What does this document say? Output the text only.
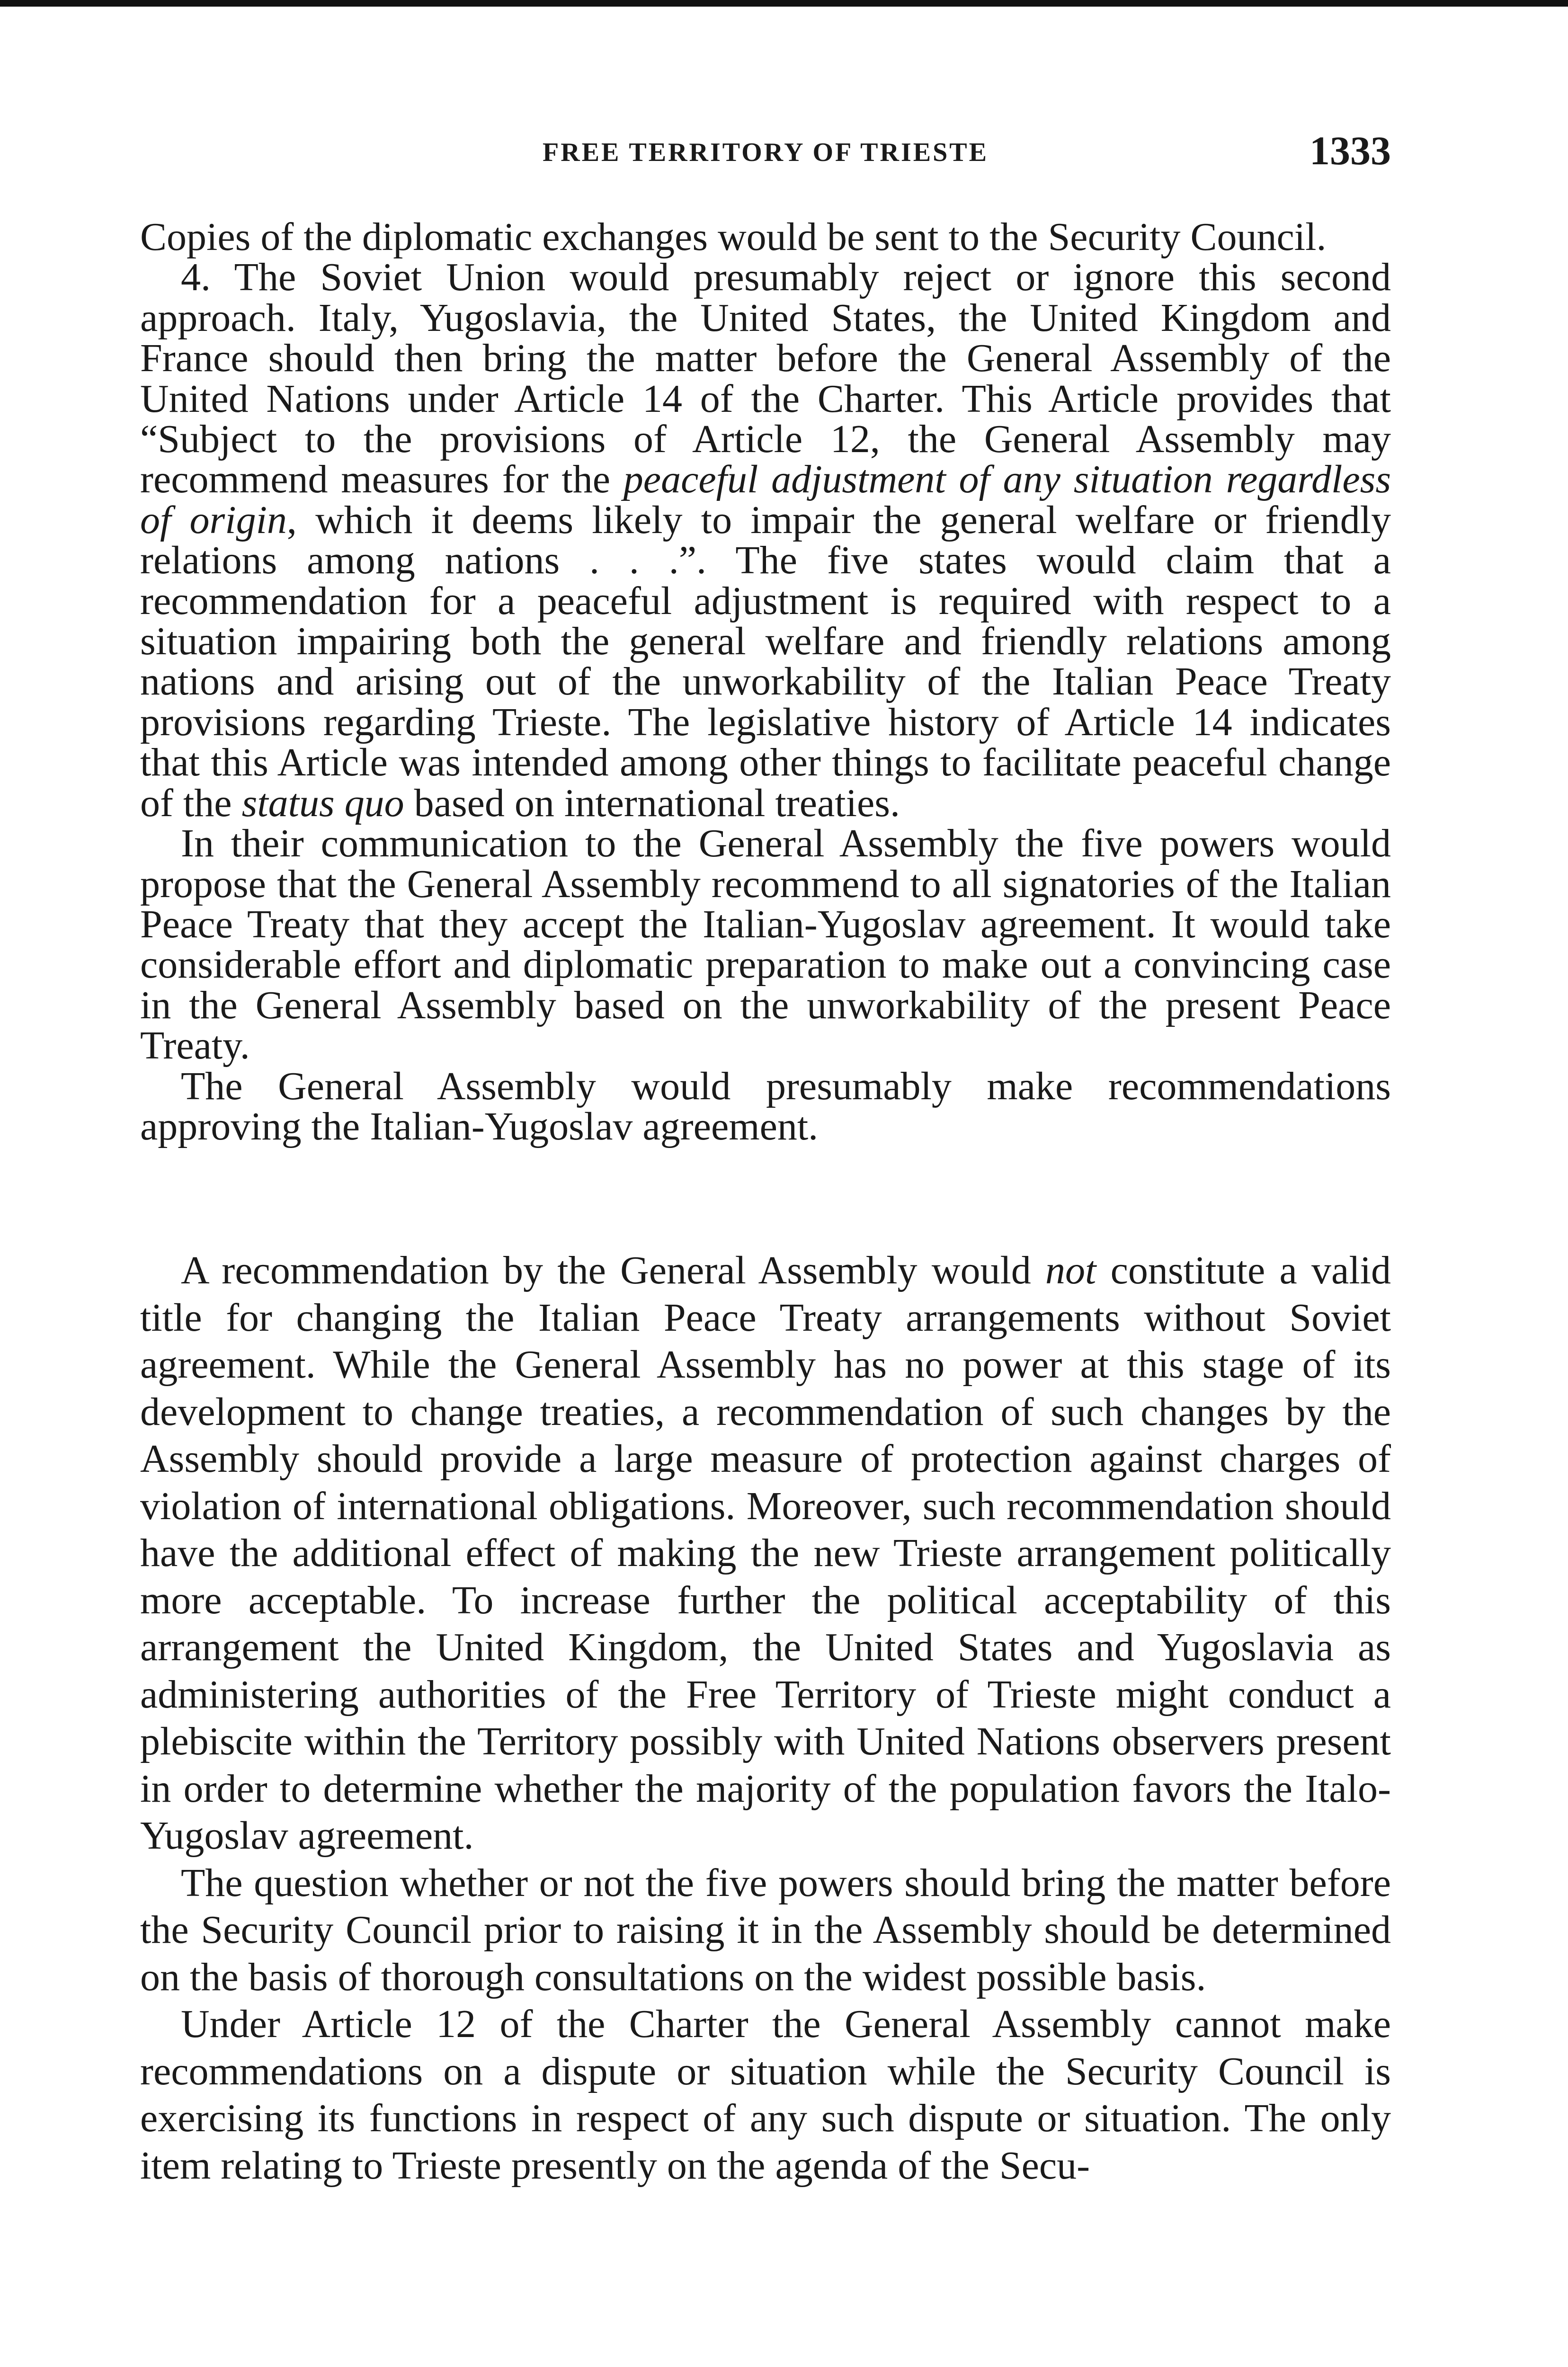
FREE TERRITORY OF TRIESTE	1333

Copies of the diplomatic exchanges would be sent to the Security Council.

4. The Soviet Union would presumably reject or ignore this second approach. Italy, Yugoslavia, the United States, the United Kingdom and France should then bring the matter before the General Assembly of the United Nations under Article 14 of the Charter. This Article provides that “Subject to the provisions of Article 12, the General Assembly may recommend measures for the peaceful adjustment of any situation regardless of origin, which it deems likely to impair the general welfare or friendly relations among nations . . .”. The five states would claim that a recommendation for a peaceful adjustment is required with respect to a situation impairing both the general welfare and friendly relations among nations and arising out of the unworkability of the Italian Peace Treaty provisions regarding Trieste. The legislative history of Article 14 indicates that this Article was intended among other things to facilitate peaceful change of the status quo based on international treaties.

In their communication to the General Assembly the five powers would propose that the General Assembly recommend to all signatories of the Italian Peace Treaty that they accept the Italian-Yugoslav agreement. It would take considerable effort and diplomatic preparation to make out a convincing case in the General Assembly based on the unworkability of the present Peace Treaty.

The General Assembly would presumably make recommendations approving the Italian-Yugoslav agreement.

A recommendation by the General Assembly would not constitute a valid title for changing the Italian Peace Treaty arrangements without Soviet agreement. While the General Assembly has no power at this stage of its development to change treaties, a recommendation of such changes by the Assembly should provide a large measure of protection against charges of violation of international obligations. Moreover, such recommendation should have the additional effect of making the new Trieste arrangement politically more acceptable. To increase further the political acceptability of this arrangement the United Kingdom, the United States and Yugoslavia as administering authorities of the Free Territory of Trieste might conduct a plebiscite within the Territory possibly with United Nations observers present in order to determine whether the majority of the population favors the Italo-Yugoslav agreement.

The question whether or not the five powers should bring the matter before the Security Council prior to raising it in the Assembly should be determined on the basis of thorough consultations on the widest possible basis.

Under Article 12 of the Charter the General Assembly cannot make recommendations on a dispute or situation while the Security Council is exercising its functions in respect of any such dispute or situation. The only item relating to Trieste presently on the agenda of the Secu-
